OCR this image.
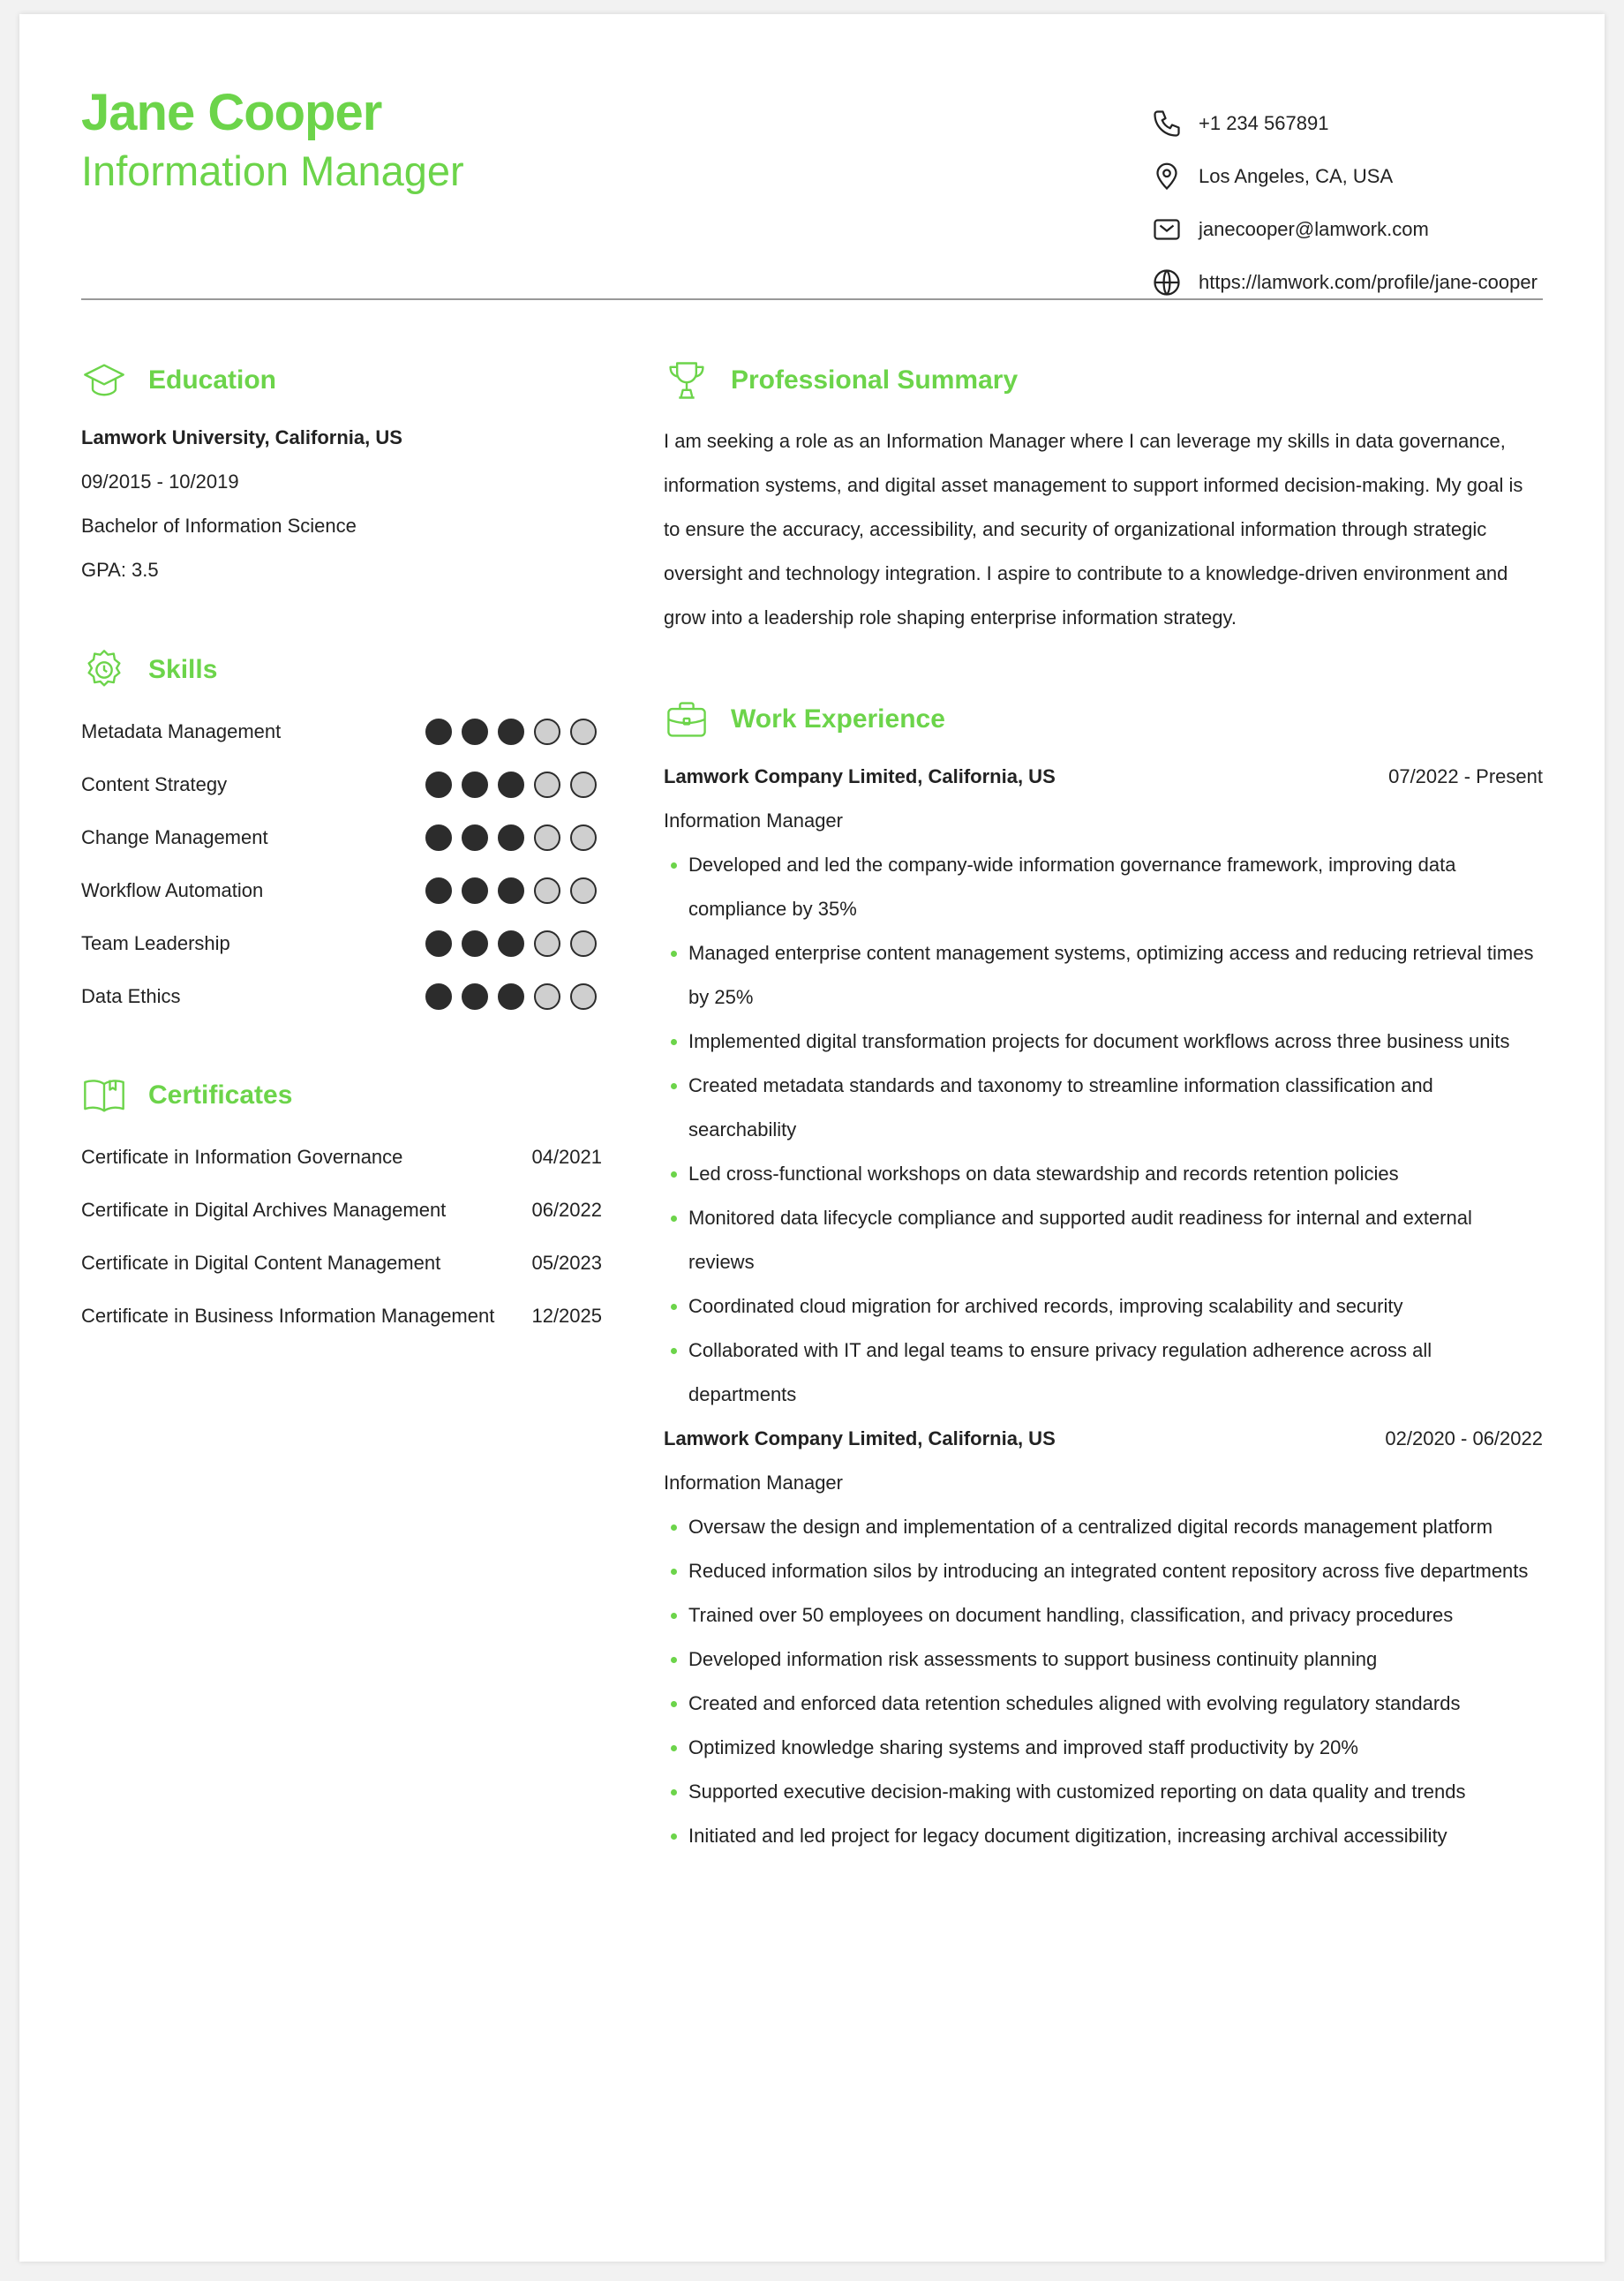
Jane Cooper
Information Manager
+1 234 567891
Los Angeles, CA, USA
janecooper@lamwork.com
https://lamwork.com/profile/jane-cooper
Education
Lamwork University, California, US
09/2015 - 10/2019
Bachelor of Information Science
GPA: 3.5
Skills
Metadata Management
Content Strategy
Change Management
Workflow Automation
Team Leadership
Data Ethics
Certificates
Certificate in Information Governance	04/2021
Certificate in Digital Archives Management	06/2022
Certificate in Digital Content Management	05/2023
Certificate in Business Information Management 12/2025
Professional Summary
I am seeking a role as an Information Manager where I can leverage my skills in data governance, information systems, and digital asset management to support informed decision-making. My goal is to ensure the accuracy, accessibility, and security of organizational information through strategic oversight and technology integration. I aspire to contribute to a knowledge-driven environment and grow into a leadership role shaping enterprise information strategy.
Work Experience
Lamwork Company Limited, California, US	07/2022 - Present
Information Manager
Developed and led the company-wide information governance framework, improving data compliance by 35%
Managed enterprise content management systems, optimizing access and reducing retrieval times by 25%
Implemented digital transformation projects for document workflows across three business units
Created metadata standards and taxonomy to streamline information classification and searchability
Led cross-functional workshops on data stewardship and records retention policies
Monitored data lifecycle compliance and supported audit readiness for internal and external reviews
Coordinated cloud migration for archived records, improving scalability and security
Collaborated with IT and legal teams to ensure privacy regulation adherence across all departments
Lamwork Company Limited, California, US	02/2020 - 06/2022
Information Manager
Oversaw the design and implementation of a centralized digital records management platform
Reduced information silos by introducing an integrated content repository across five departments
Trained over 50 employees on document handling, classification, and privacy procedures
Developed information risk assessments to support business continuity planning
Created and enforced data retention schedules aligned with evolving regulatory standards
Optimized knowledge sharing systems and improved staff productivity by 20%
Supported executive decision-making with customized reporting on data quality and trends
Initiated and led project for legacy document digitization, increasing archival accessibility
